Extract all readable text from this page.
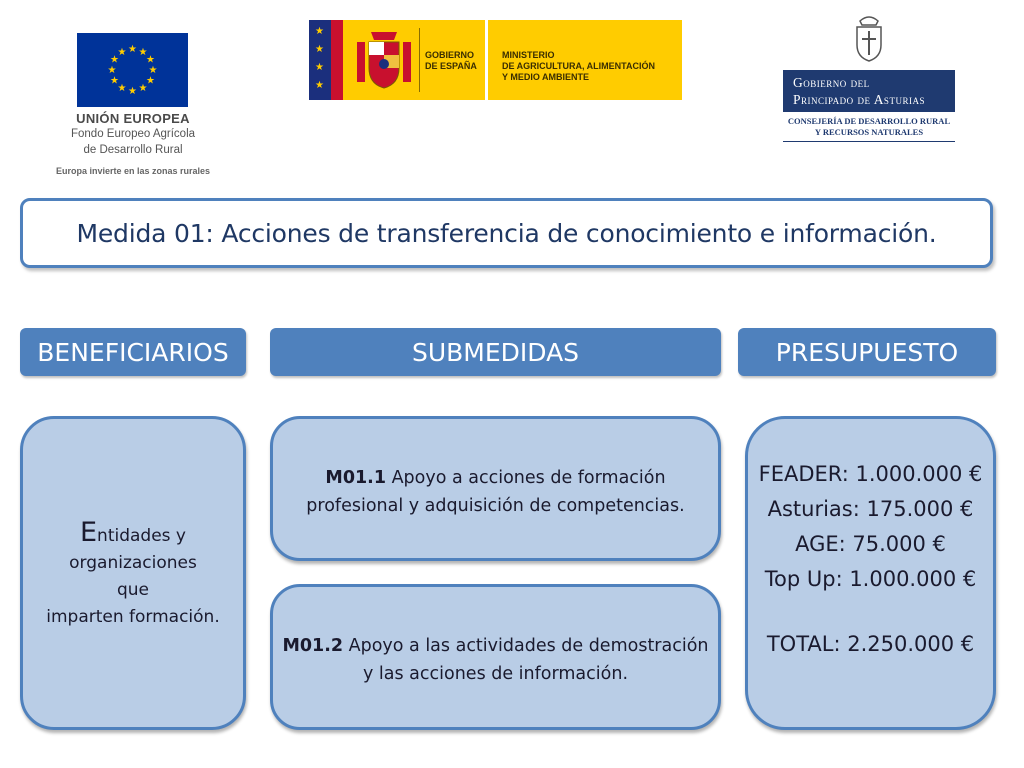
★ ★
★
★
★
★
★
★
★
★
★
★
UNIÓN EUROPEA
Fondo Europeo Agrícola
de Desarrollo Rural
Europa invierte en las zonas rurales
★
★
★
★
GOBIERNO
DE ESPAÑA
MINISTERIO
DE AGRICULTURA, ALIMENTACIÓN
Y MEDIO AMBIENTE	Gobierno del
Principado de Asturias
CONSEJERÍA DE DESARROLLO RURAL
Y RECURSOS NATURALES
Medida 01: Acciones de transferencia de conocimiento e información.
BENEFICIARIOS	SUBMEDIDAS	PRESUPUESTO
Entidades y
organizaciones
que
imparten formación.
M01.1 Apoyo a acciones de formación
profesional y adquisición de competencias.
M01.2 Apoyo a las actividades de demostración
y las acciones de información.
FEADER: 1.000.000 €
Asturias: 175.000 €
AGE: 75.000 €
Top Up: 1.000.000 €
TOTAL: 2.250.000 €
